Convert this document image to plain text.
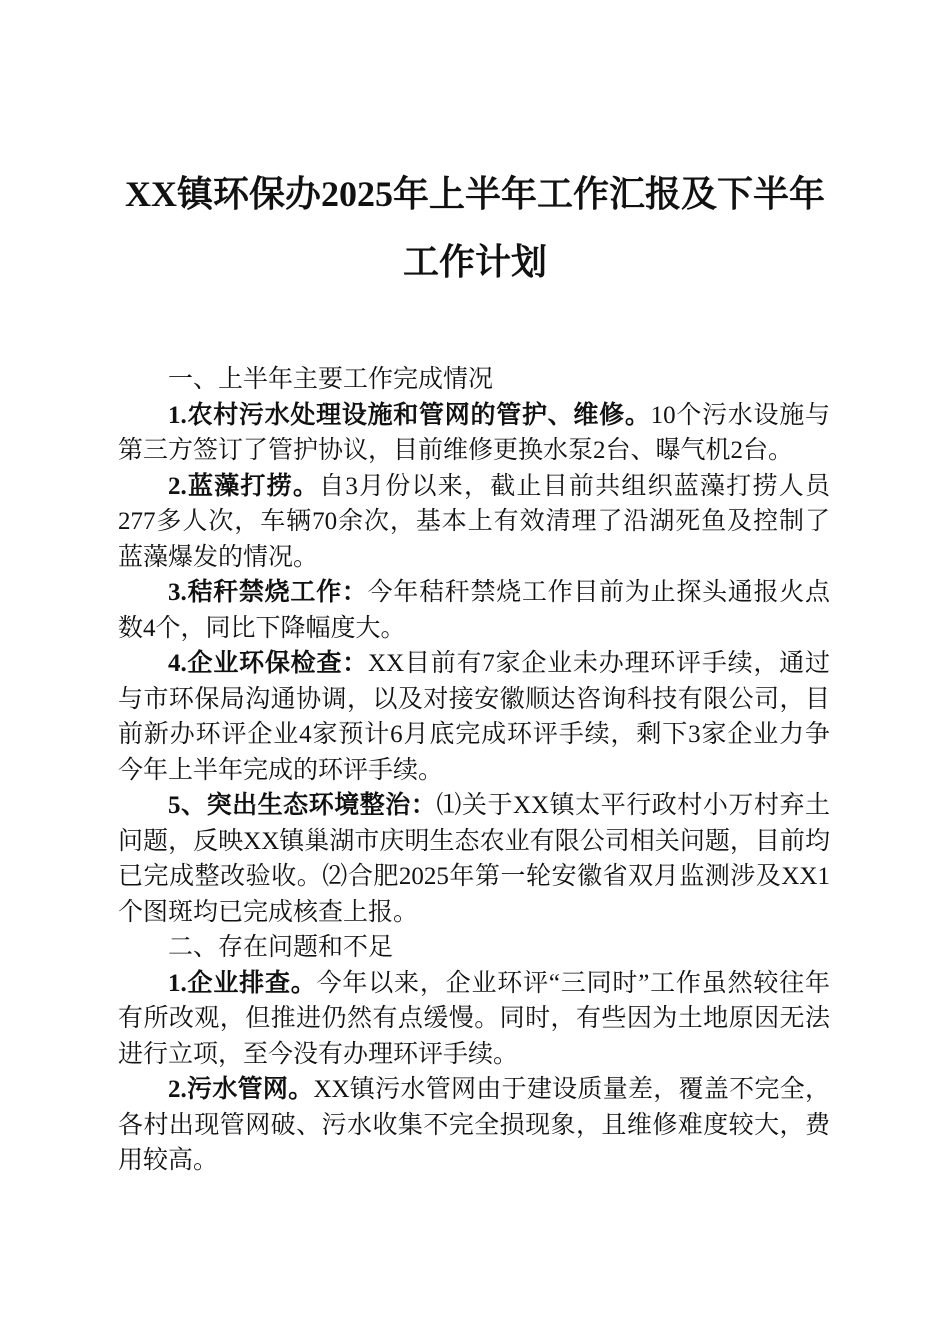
XX镇环保办2025年上半年工作汇报及下半年
工作计划

一、上半年主要工作完成情况

1.农村污水处理设施和管网的管护、维修。10个污水设施与第三方签订了管护协议，目前维修更换水泵2台、曝气机2台。

2.蓝藻打捞。自3月份以来，截止目前共组织蓝藻打捞人员277多人次，车辆70余次，基本上有效清理了沿湖死鱼及控制了蓝藻爆发的情况。

3.秸秆禁烧工作：今年秸秆禁烧工作目前为止探头通报火点数4个，同比下降幅度大。

4.企业环保检查：XX目前有7家企业未办理环评手续，通过与市环保局沟通协调，以及对接安徽顺达咨询科技有限公司，目前新办环评企业4家预计6月底完成环评手续，剩下3家企业力争今年上半年完成的环评手续。

5、突出生态环境整治：⑴关于XX镇太平行政村小万村弃土问题，反映XX镇巢湖市庆明生态农业有限公司相关问题，目前均已完成整改验收。⑵合肥2025年第一轮安徽省双月监测涉及XX1个图斑均已完成核查上报。

二、存在问题和不足

1.企业排查。今年以来，企业环评“三同时”工作虽然较往年有所改观，但推进仍然有点缓慢。同时，有些因为土地原因无法进行立项，至今没有办理环评手续。

2.污水管网。XX镇污水管网由于建设质量差，覆盖不完全，各村出现管网破、污水收集不完全损现象，且维修难度较大，费用较高。
